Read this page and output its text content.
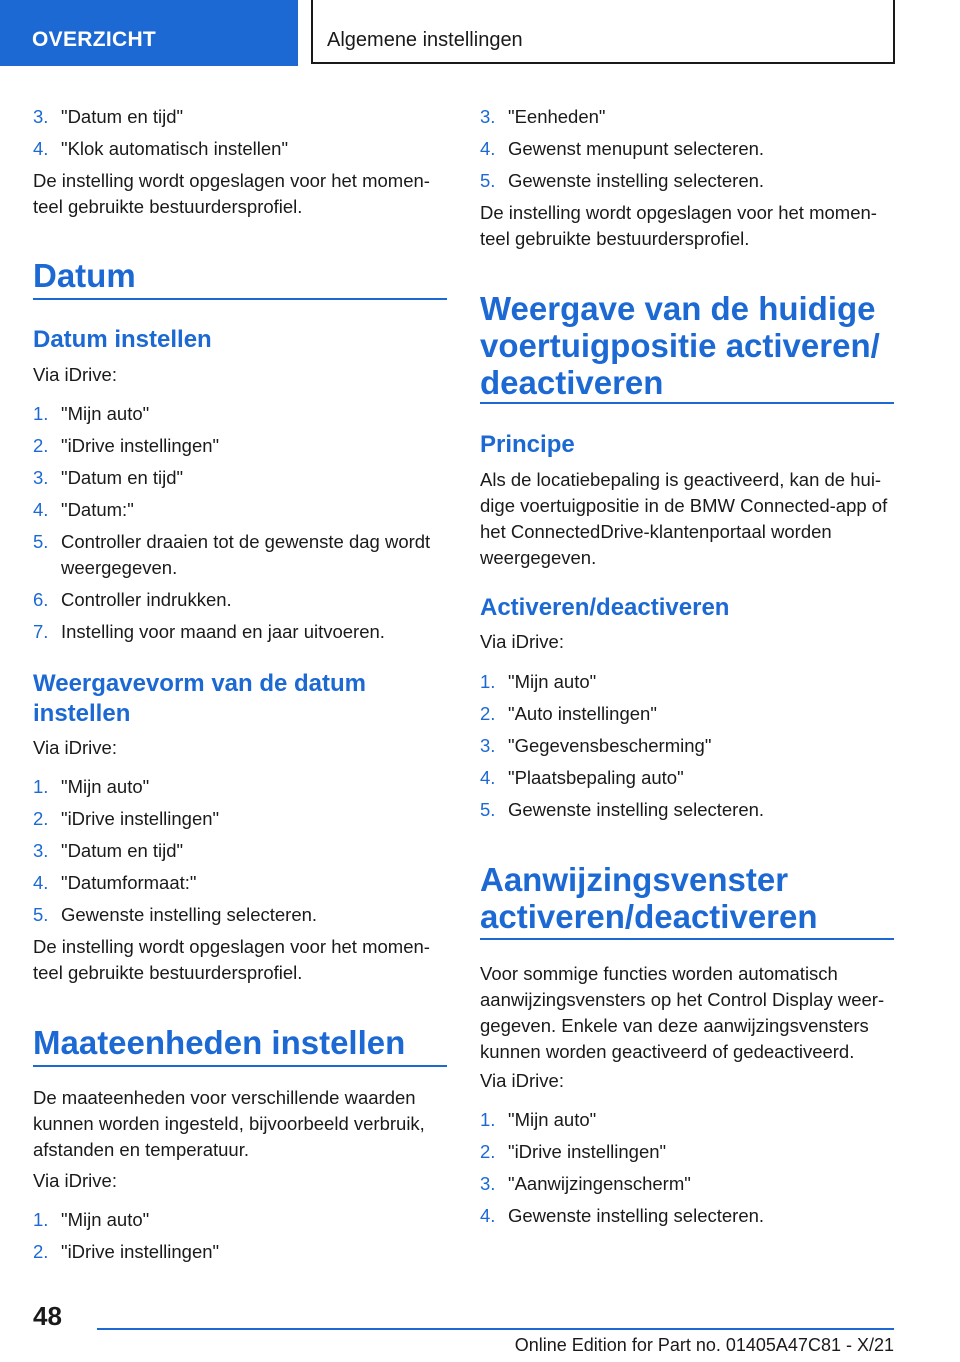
OVERZICHT	Algemene instellingen
3. "Datum en tijd"
4. "Klok automatisch instellen"
De instelling wordt opgeslagen voor het momen‐teel gebruikte bestuurdersprofiel.
Datum
Datum instellen
Via iDrive:
1. "Mijn auto"
2. "iDrive instellingen"
3. "Datum en tijd"
4. "Datum:"
5. Controller draaien tot de gewenste dag wordt weergegeven.
6. Controller indrukken.
7. Instelling voor maand en jaar uitvoeren.
Weergavevorm van de datum instellen
Via iDrive:
1. "Mijn auto"
2. "iDrive instellingen"
3. "Datum en tijd"
4. "Datumformaat:"
5. Gewenste instelling selecteren.
De instelling wordt opgeslagen voor het momen‐teel gebruikte bestuurdersprofiel.
Maateenheden instellen
De maateenheden voor verschillende waarden kunnen worden ingesteld, bijvoorbeeld verbruik, afstanden en temperatuur.
Via iDrive:
1. "Mijn auto"
2. "iDrive instellingen"
3. "Eenheden"
4. Gewenst menupunt selecteren.
5. Gewenste instelling selecteren.
De instelling wordt opgeslagen voor het momen‐teel gebruikte bestuurdersprofiel.
Weergave van de huidige voertuigpositie activeren/ deactiveren
Principe
Als de locatiebepaling is geactiveerd, kan de hui‐dige voertuigpositie in de BMW Connected-app of het ConnectedDrive-klantenportaal worden weergegeven.
Activeren/deactiveren
Via iDrive:
1. "Mijn auto"
2. "Auto instellingen"
3. "Gegevensbescherming"
4. "Plaatsbepaling auto"
5. Gewenste instelling selecteren.
Aanwijzingsvenster activeren/deactiveren
Voor sommige functies worden automatisch aanwijzingsvensters op het Control Display weer‐gegeven. Enkele van deze aanwijzingsvensters kunnen worden geactiveerd of gedeactiveerd.
Via iDrive:
1. "Mijn auto"
2. "iDrive instellingen"
3. "Aanwijzingenscherm"
4. Gewenste instelling selecteren.
48
Online Edition for Part no. 01405A47C81 - X/21
